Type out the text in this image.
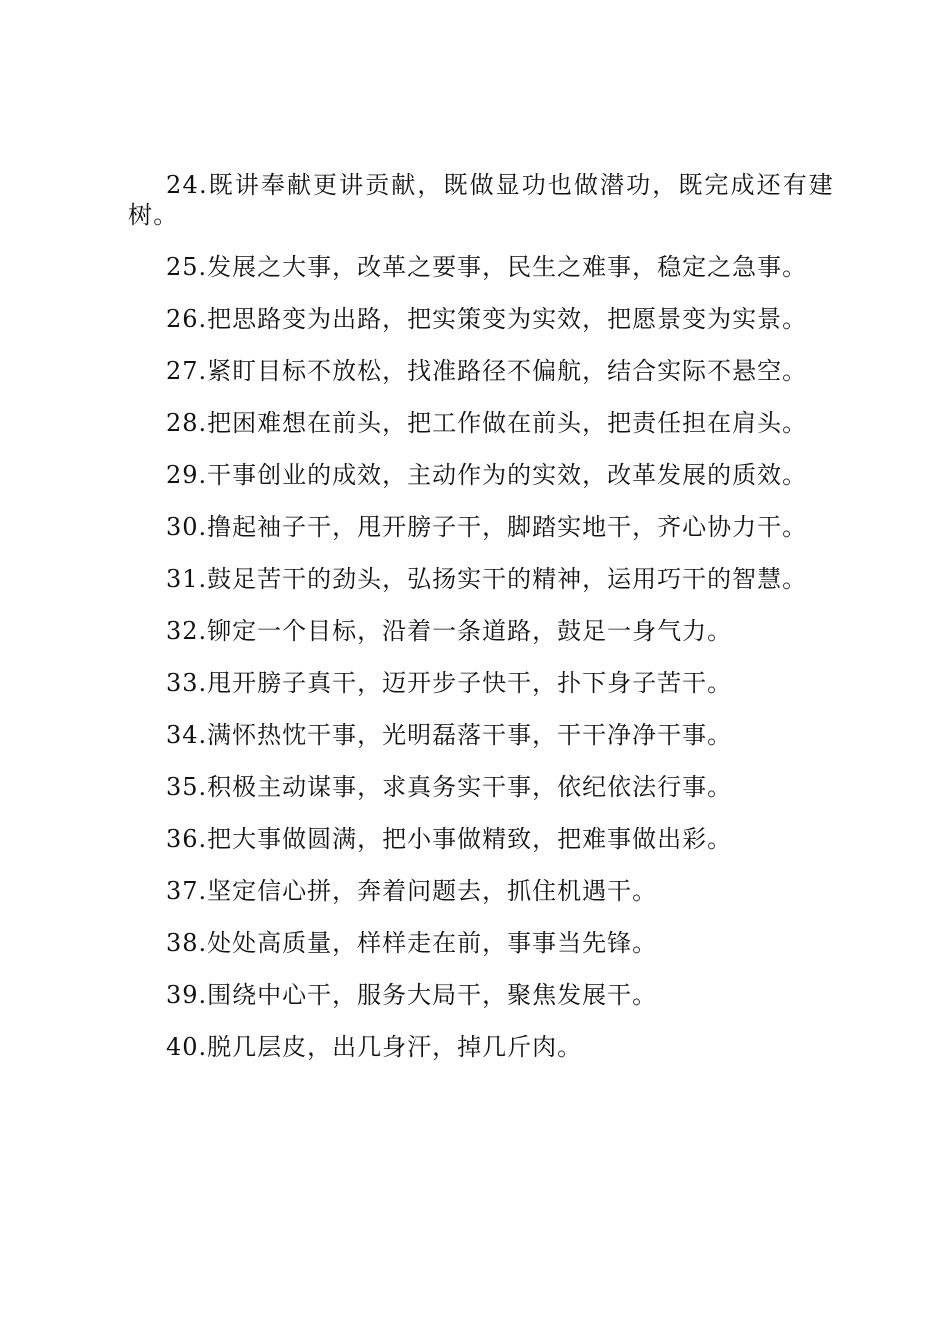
24.既讲奉献更讲贡献，既做显功也做潜功，既完成还有建树。
25.发展之大事，改革之要事，民生之难事，稳定之急事。
26.把思路变为出路，把实策变为实效，把愿景变为实景。
27.紧盯目标不放松，找准路径不偏航，结合实际不悬空。
28.把困难想在前头，把工作做在前头，把责任担在肩头。
29.干事创业的成效，主动作为的实效，改革发展的质效。
30.撸起袖子干，甩开膀子干，脚踏实地干，齐心协力干。
31.鼓足苦干的劲头，弘扬实干的精神，运用巧干的智慧。
32.铆定一个目标，沿着一条道路，鼓足一身气力。
33.甩开膀子真干，迈开步子快干，扑下身子苦干。
34.满怀热忱干事，光明磊落干事，干干净净干事。
35.积极主动谋事，求真务实干事，依纪依法行事。
36.把大事做圆满，把小事做精致，把难事做出彩。
37.坚定信心拼，奔着问题去，抓住机遇干。
38.处处高质量，样样走在前，事事当先锋。
39.围绕中心干，服务大局干，聚焦发展干。
40.脱几层皮，出几身汗，掉几斤肉。
